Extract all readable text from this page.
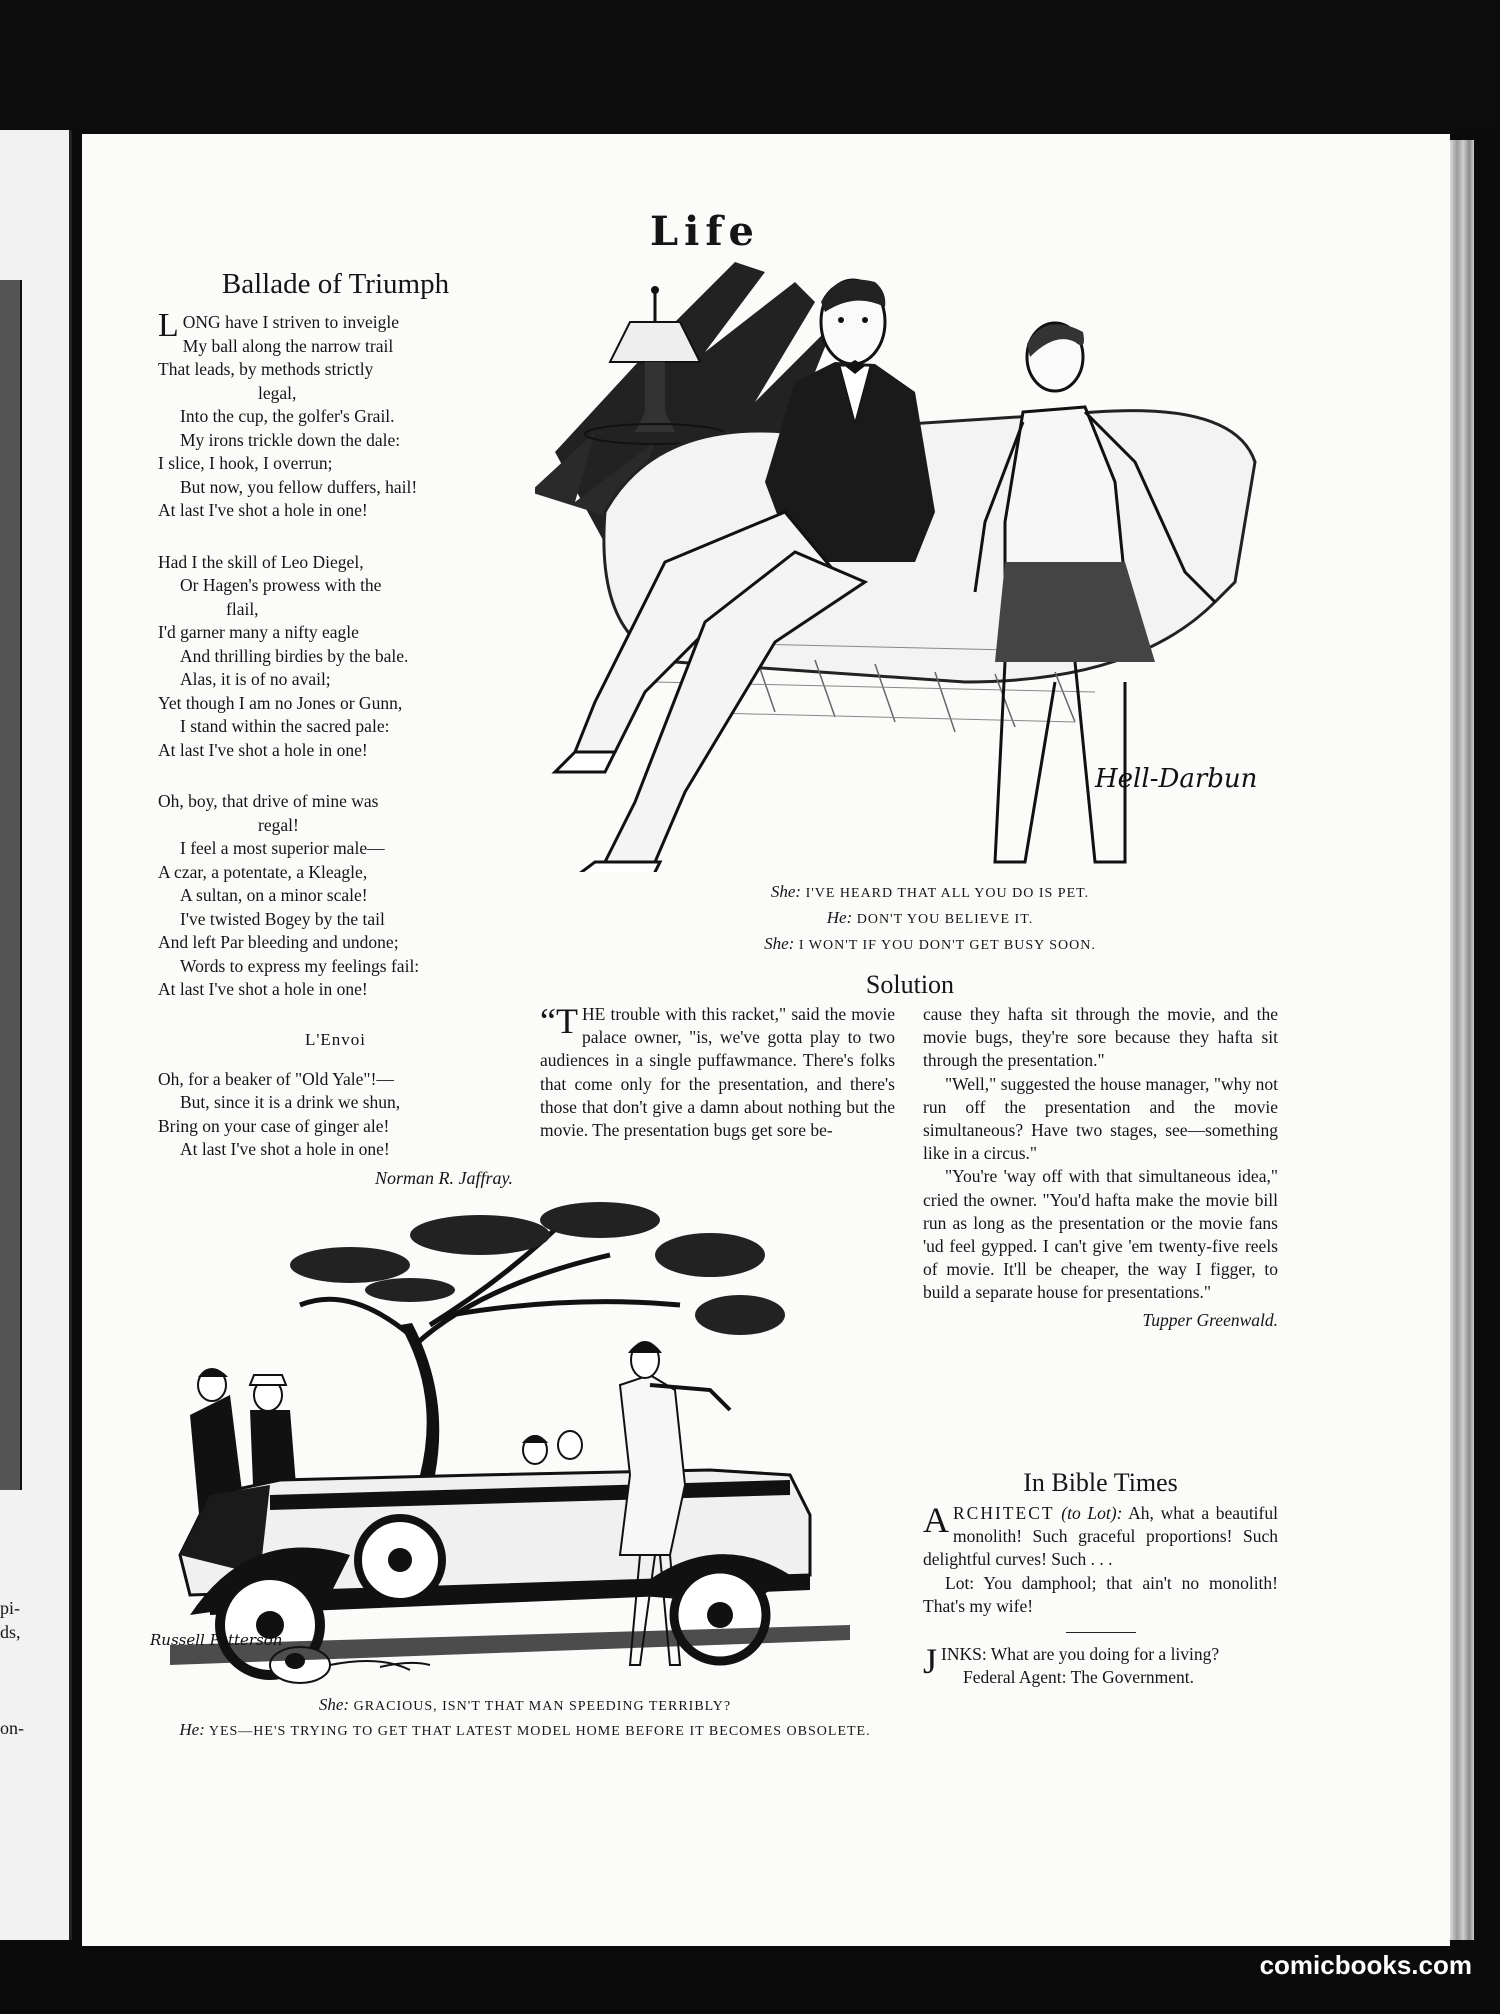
pi-
ds,
on-
Life
Ballade of Triumph
LONG have I striven to inveigle
My ball along the narrow trail
That leads, by methods strictly
legal,
Into the cup, the golfer's Grail.
My irons trickle down the dale:
I slice, I hook, I overrun;
But now, you fellow duffers, hail!
At last I've shot a hole in one!
Had I the skill of Leo Diegel,
Or Hagen's prowess with the
flail,
I'd garner many a nifty eagle
And thrilling birdies by the bale.
Alas, it is of no avail;
Yet though I am no Jones or Gunn,
I stand within the sacred pale:
At last I've shot a hole in one!
Oh, boy, that drive of mine was
regal!
I feel a most superior male—
A czar, a potentate, a Kleagle,
A sultan, on a minor scale!
I've twisted Bogey by the tail
And left Par bleeding and undone;
Words to express my feelings fail:
At last I've shot a hole in one!
L'Envoi
Oh, for a beaker of "Old Yale"!—
But, since it is a drink we shun,
Bring on your case of ginger ale!
At last I've shot a hole in one!
Norman R. Jaffray.
Hell-Darbun
She: I'VE HEARD THAT ALL YOU DO IS PET.
He: DON'T YOU BELIEVE IT.
She: I WON'T IF YOU DON'T GET BUSY SOON.
Solution
“T HE trouble with this racket," said the movie palace owner, "is, we've gotta play to two audiences in a single puffawmance. There's folks that come only for the presentation, and there's those that don't give a damn about nothing but the movie. The presentation bugs get sore be-

cause they hafta sit through the movie, and the movie bugs, they're sore because they hafta sit through the presentation."

"Well," suggested the house manager, "why not run off the presentation and the movie simultaneous? Have two stages, see—something like in a circus."

"You're 'way off with that simultaneous idea," cried the owner. "You'd hafta make the movie bill run as long as the presentation or the movie fans 'ud feel gypped. I can't give 'em twenty-five reels of movie. It'll be cheaper, the way I figger, to build a separate house for presentations."

Tupper Greenwald.

In Bible Times

ARCHITECT (to Lot): Ah, what a beautiful monolith! Such graceful proportions! Such delightful curves! Such . . .

Lot: You damphool; that ain't no monolith! That's my wife!

JINKS: What are you doing for a living?

Federal Agent: The Government.

Russell Patterson
She: GRACIOUS, ISN'T THAT MAN SPEEDING TERRIBLY?
He: YES—HE'S TRYING TO GET THAT LATEST MODEL HOME BEFORE IT BECOMES OBSOLETE.
comicbooks.com
